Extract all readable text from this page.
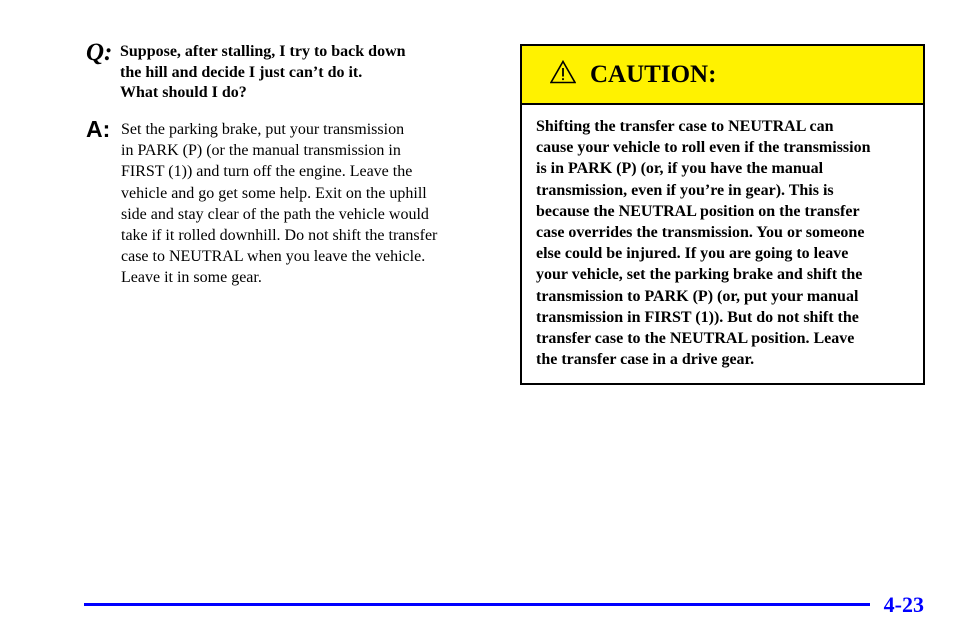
Q: Suppose, after stalling, I try to back down
the hill and decide I just can’t do it.
What should I do?
A: Set the parking brake, put your transmission
in PARK (P) (or the manual transmission in
FIRST (1)) and turn off the engine. Leave the
vehicle and go get some help. Exit on the uphill
side and stay clear of the path the vehicle would
take if it rolled downhill. Do not shift the transfer
case to NEUTRAL when you leave the vehicle.
Leave it in some gear.
CAUTION:
Shifting the transfer case to NEUTRAL can
cause your vehicle to roll even if the transmission
is in PARK (P) (or, if you have the manual
transmission, even if you’re in gear). This is
because the NEUTRAL position on the transfer
case overrides the transmission. You or someone
else could be injured. If you are going to leave
your vehicle, set the parking brake and shift the
transmission to PARK (P) (or, put your manual
transmission in FIRST (1)). But do not shift the
transfer case to the NEUTRAL position. Leave
the transfer case in a drive gear.
4-23
